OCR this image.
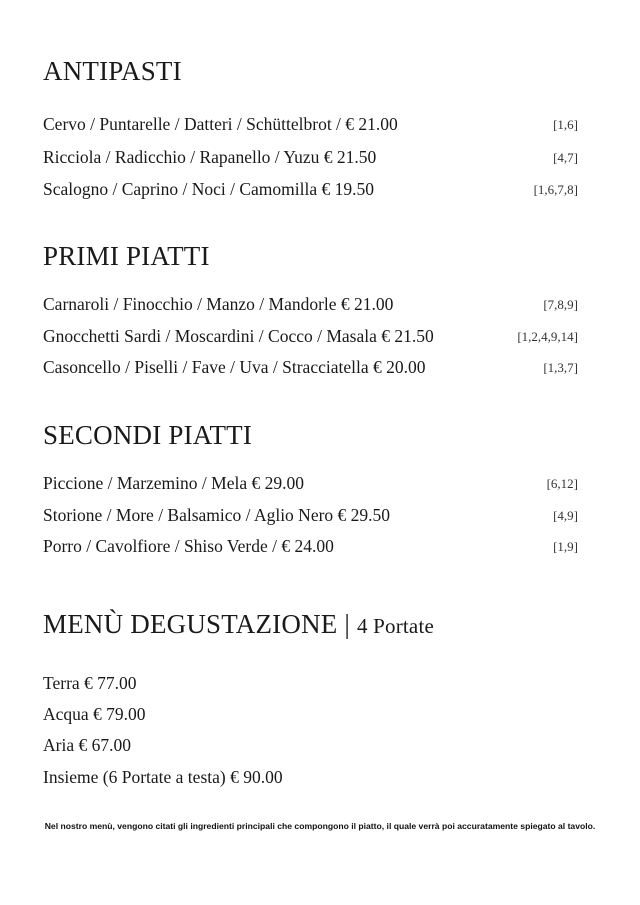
ANTIPASTI
Cervo / Puntarelle / Datteri / Schüttelbrot / € 21.00	[1,6]
Ricciola / Radicchio / Rapanello / Yuzu € 21.50	[4,7]
Scalogno / Caprino / Noci / Camomilla € 19.50	[1,6,7,8]
PRIMI PIATTI
Carnaroli / Finocchio / Manzo / Mandorle € 21.00	[7,8,9]
Gnocchetti Sardi / Moscardini / Cocco / Masala € 21.50	[1,2,4,9,14]
Casoncello / Piselli / Fave / Uva / Stracciatella € 20.00	[1,3,7]
SECONDI PIATTI
Piccione / Marzemino / Mela € 29.00	[6,12]
Storione / More / Balsamico / Aglio Nero € 29.50	[4,9]
Porro / Cavolfiore / Shiso Verde / € 24.00	[1,9]
MENÙ DEGUSTAZIONE | 4 Portate
Terra € 77.00
Acqua € 79.00
Aria € 67.00
Insieme (6 Portate a testa) € 90.00
Nel nostro menù, vengono citati gli ingredienti principali che compongono il piatto, il quale verrà poi accuratamente spiegato al tavolo.
